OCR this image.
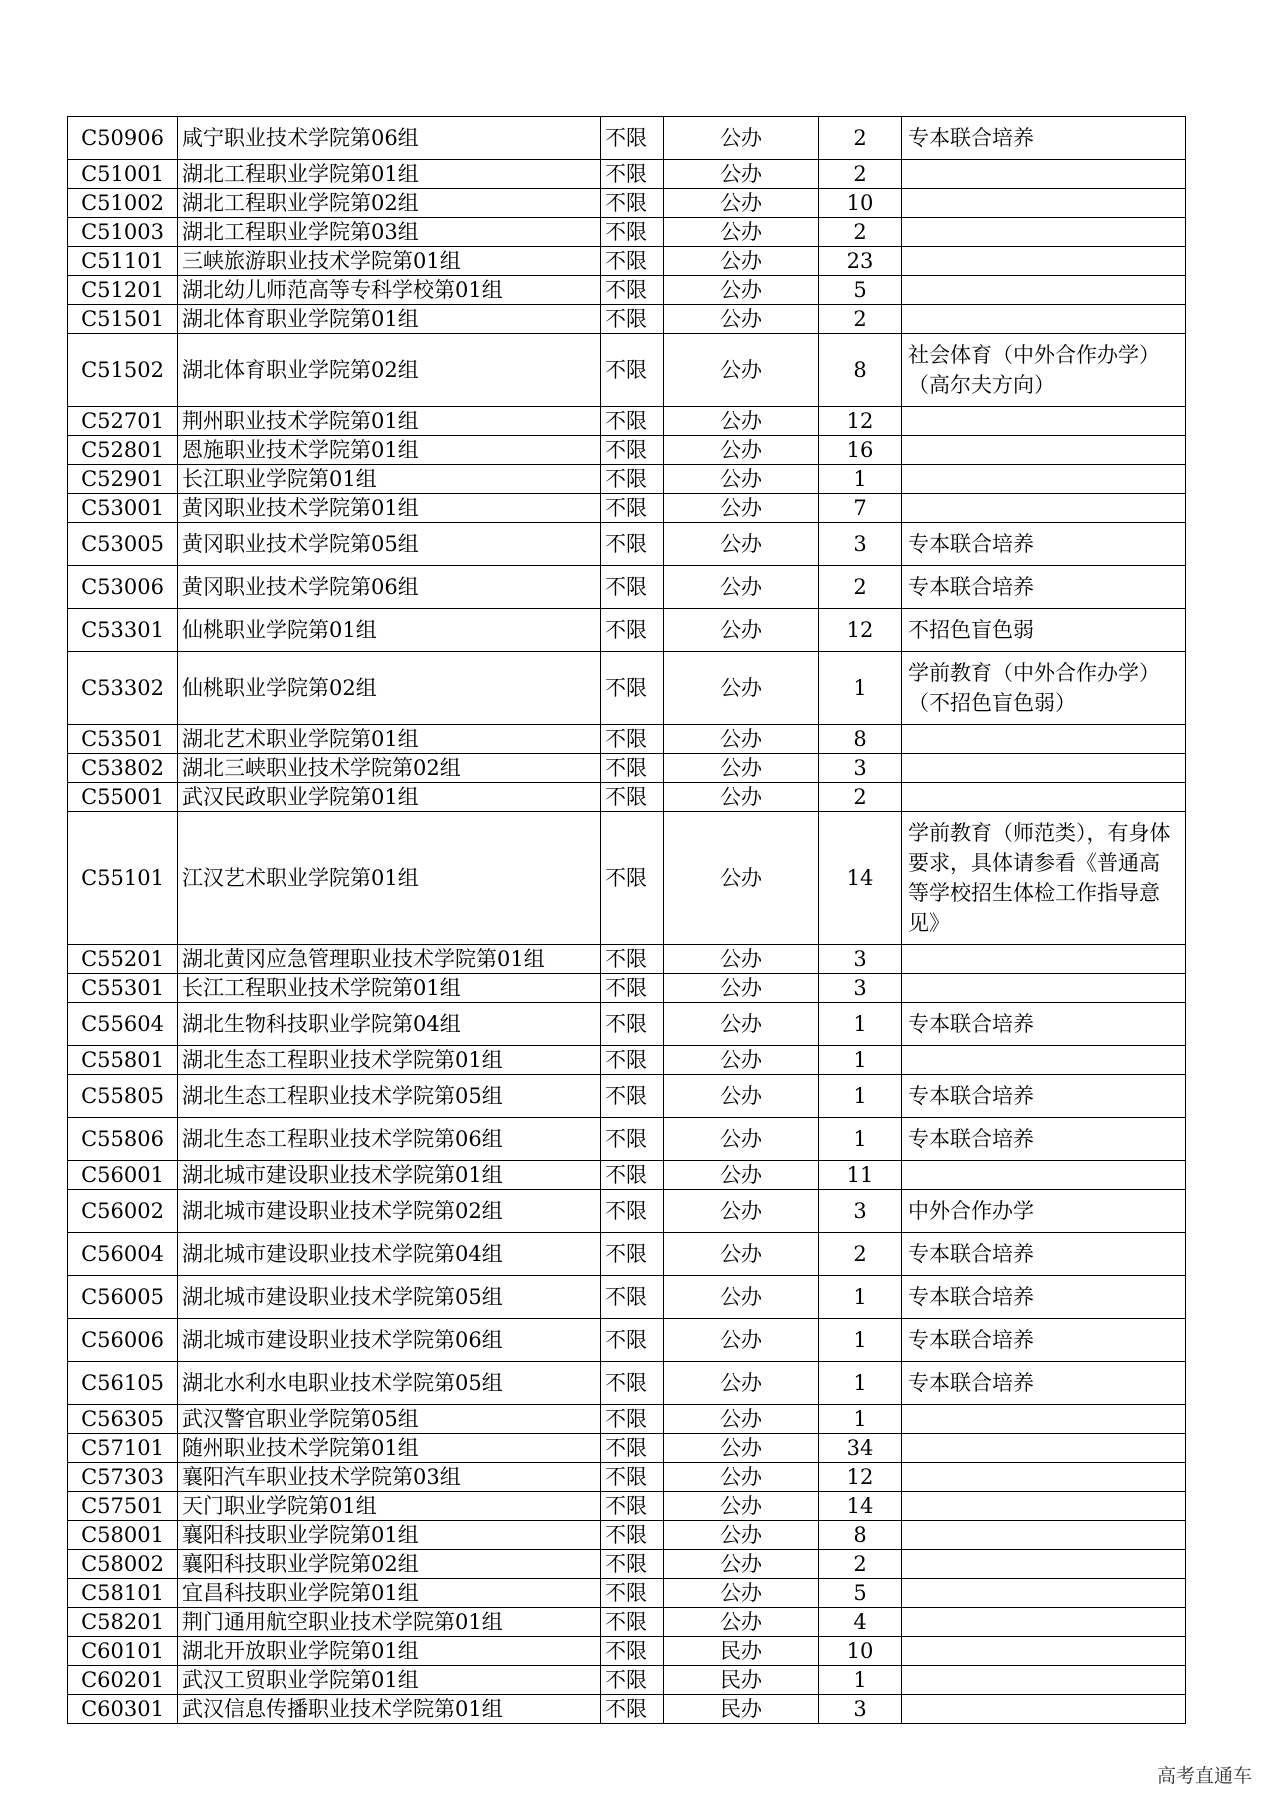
C50906	咸宁职业技术学院第06组	不限	公办	2	专本联合培养
C51001	湖北工程职业学院第01组	不限	公办	2	
C51002	湖北工程职业学院第02组	不限	公办	10	
C51003	湖北工程职业学院第03组	不限	公办	2	
C51101	三峡旅游职业技术学院第01组	不限	公办	23	
C51201	湖北幼儿师范高等专科学校第01组	不限	公办	5	
C51501	湖北体育职业学院第01组	不限	公办	2	
C51502	湖北体育职业学院第02组	不限	公办	8	社会体育（中外合作办学）（高尔夫方向）
C52701	荆州职业技术学院第01组	不限	公办	12	
C52801	恩施职业技术学院第01组	不限	公办	16	
C52901	长江职业学院第01组	不限	公办	1	
C53001	黄冈职业技术学院第01组	不限	公办	7	
C53005	黄冈职业技术学院第05组	不限	公办	3	专本联合培养
C53006	黄冈职业技术学院第06组	不限	公办	2	专本联合培养
C53301	仙桃职业学院第01组	不限	公办	12	不招色盲色弱
C53302	仙桃职业学院第02组	不限	公办	1	学前教育（中外合作办学）（不招色盲色弱）
C53501	湖北艺术职业学院第01组	不限	公办	8	
C53802	湖北三峡职业技术学院第02组	不限	公办	3	
C55001	武汉民政职业学院第01组	不限	公办	2	
C55101	江汉艺术职业学院第01组	不限	公办	14	学前教育（师范类），有身体要求，具体请参看《普通高等学校招生体检工作指导意见》
C55201	湖北黄冈应急管理职业技术学院第01组	不限	公办	3	
C55301	长江工程职业技术学院第01组	不限	公办	3	
C55604	湖北生物科技职业学院第04组	不限	公办	1	专本联合培养
C55801	湖北生态工程职业技术学院第01组	不限	公办	1	
C55805	湖北生态工程职业技术学院第05组	不限	公办	1	专本联合培养
C55806	湖北生态工程职业技术学院第06组	不限	公办	1	专本联合培养
C56001	湖北城市建设职业技术学院第01组	不限	公办	11	
C56002	湖北城市建设职业技术学院第02组	不限	公办	3	中外合作办学
C56004	湖北城市建设职业技术学院第04组	不限	公办	2	专本联合培养
C56005	湖北城市建设职业技术学院第05组	不限	公办	1	专本联合培养
C56006	湖北城市建设职业技术学院第06组	不限	公办	1	专本联合培养
C56105	湖北水利水电职业技术学院第05组	不限	公办	1	专本联合培养
C56305	武汉警官职业学院第05组	不限	公办	1	
C57101	随州职业技术学院第01组	不限	公办	34	
C57303	襄阳汽车职业技术学院第03组	不限	公办	12	
C57501	天门职业学院第01组	不限	公办	14	
C58001	襄阳科技职业学院第01组	不限	公办	8	
C58002	襄阳科技职业学院第02组	不限	公办	2	
C58101	宜昌科技职业学院第01组	不限	公办	5	
C58201	荆门通用航空职业技术学院第01组	不限	公办	4	
C60101	湖北开放职业学院第01组	不限	民办	10	
C60201	武汉工贸职业学院第01组	不限	民办	1	
C60301	武汉信息传播职业技术学院第01组	不限	民办	3	
高考直通车
